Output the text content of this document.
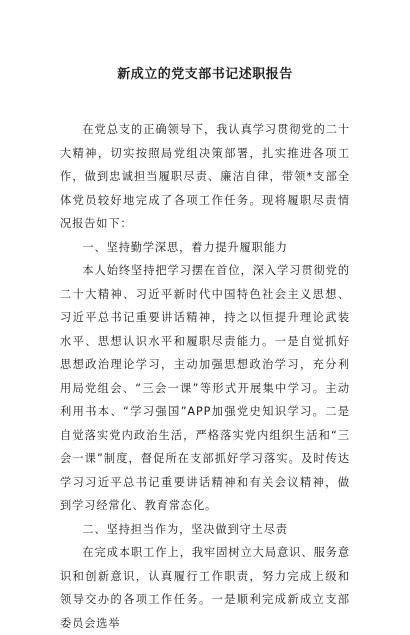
新成立的党支部书记述职报告

在党总支的正确领导下，我认真学习贯彻党的二十大精神，切实按照局党组决策部署，扎实推进各项工作，做到忠诚担当履职尽责、廉洁自律，带领*支部全体党员较好地完成了各项工作任务。现将履职尽责情况报告如下：

一、坚持勤学深思，着力提升履职能力

本人始终坚持把学习摆在首位，深入学习贯彻党的二十大精神、习近平新时代中国特色社会主义思想、习近平总书记重要讲话精神，持之以恒提升理论武装水平、思想认识水平和履职尽责能力。一是自觉抓好思想政治理论学习，主动加强思想政治学习，充分利用局党组会、“三会一课”等形式开展集中学习。主动利用书本、“学习强国”APP加强党史知识学习。二是自觉落实党内政治生活，严格落实党内组织生活和“三会一课”制度，督促所在支部抓好学习落实。及时传达学习习近平总书记重要讲话精神和有关会议精神，做到学习经常化、教育常态化。

二、坚持担当作为，坚决做到守土尽责

在完成本职工作上，我牢固树立大局意识、服务意识和创新意识，认真履行工作职责，努力完成上级和领导交办的各项工作任务。一是顺利完成新成立支部委员会选举
